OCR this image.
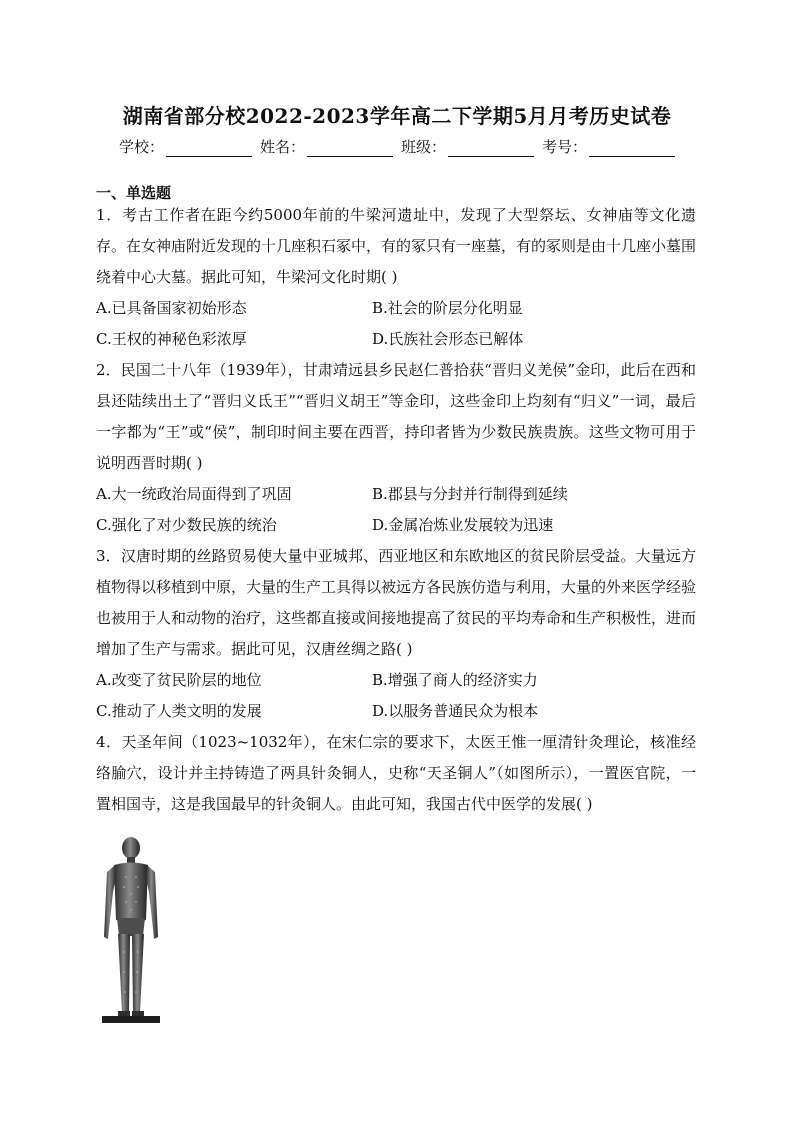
湖南省部分校2022-2023学年高二下学期5月月考历史试卷
学校：	姓名：	班级：	考号：
一、单选题
1．考古工作者在距今约5000年前的牛梁河遗址中，发现了大型祭坛、女神庙等文化遗存。在女神庙附近发现的十几座积石冢中，有的冢只有一座墓，有的冢则是由十几座小墓围绕着中心大墓。据此可知，牛梁河文化时期( )
A.已具备国家初始形态	B.社会的阶层分化明显
C.王权的神秘色彩浓厚	D.氏族社会形态已解体
2．民国二十八年（1939年），甘肃靖远县乡民赵仁普拾获“晋归义羌侯”金印，此后在西和县还陆续出土了“晋归义氐王”“晋归义胡王”等金印，这些金印上均刻有“归义”一词，最后一字都为“王”或“侯”，制印时间主要在西晋，持印者皆为少数民族贵族。这些文物可用于说明西晋时期( )
A.大一统政治局面得到了巩固	B.郡县与分封并行制得到延续
C.强化了对少数民族的统治	D.金属冶炼业发展较为迅速
3．汉唐时期的丝路贸易使大量中亚城邦、西亚地区和东欧地区的贫民阶层受益。大量远方植物得以移植到中原，大量的生产工具得以被远方各民族仿造与利用，大量的外来医学经验也被用于人和动物的治疗，这些都直接或间接地提高了贫民的平均寿命和生产积极性，进而增加了生产与需求。据此可见，汉唐丝绸之路( )
A.改变了贫民阶层的地位	B.增强了商人的经济实力
C.推动了人类文明的发展	D.以服务普通民众为根本
4．天圣年间（1023~1032年），在宋仁宗的要求下，太医王惟一厘清针灸理论，核准经络腧穴，设计并主持铸造了两具针灸铜人，史称“天圣铜人”（如图所示），一置医官院，一置相国寺，这是我国最早的针灸铜人。由此可知，我国古代中医学的发展( )
